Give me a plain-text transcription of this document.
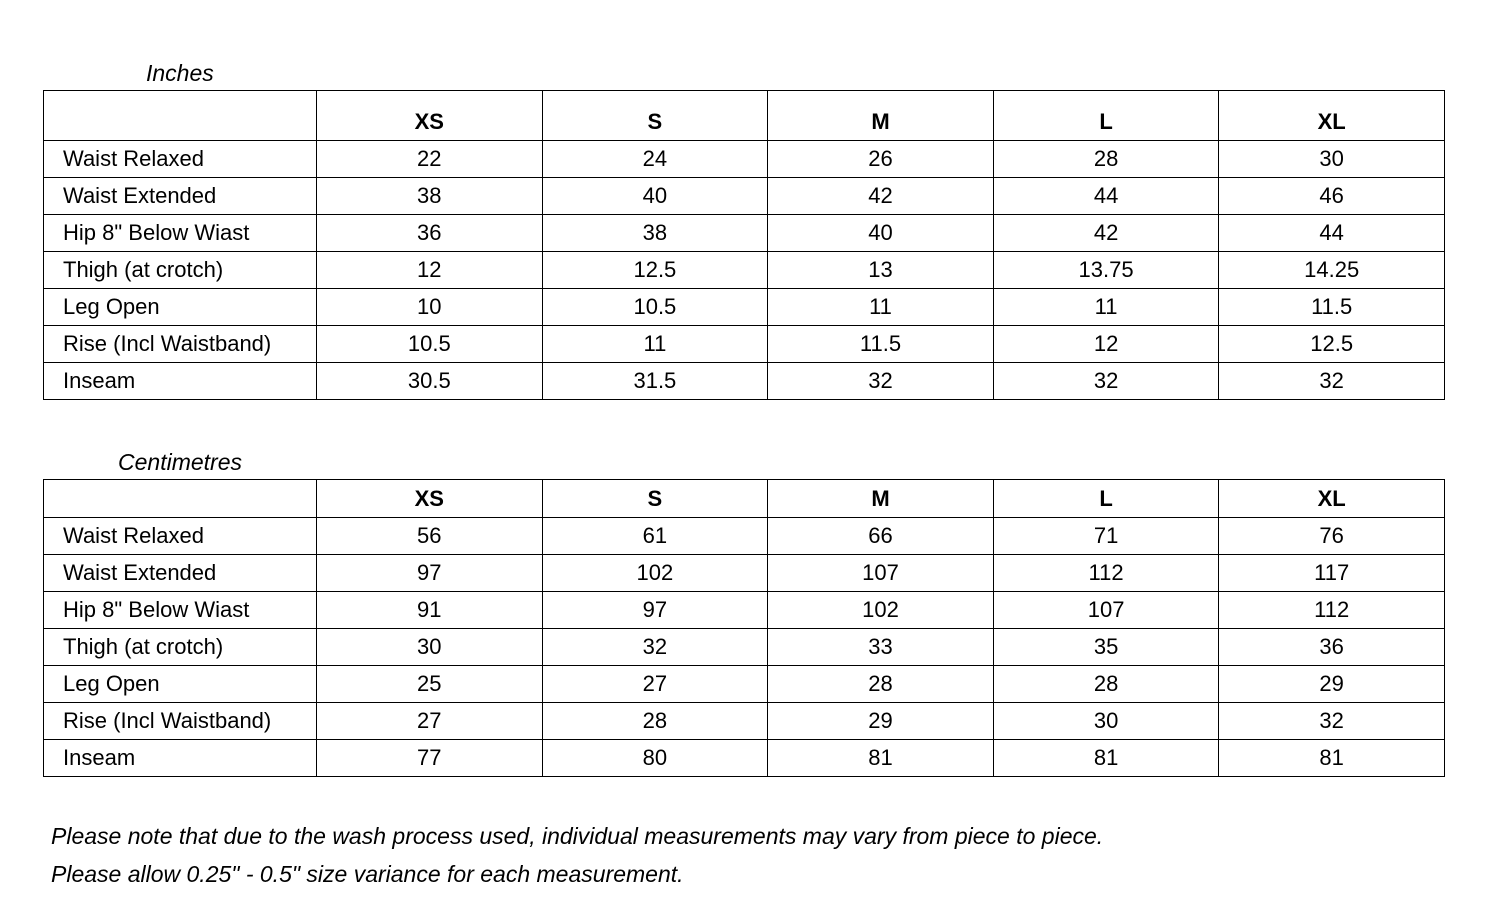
Inches
	XS	S	M	L	XL
Waist Relaxed	22	24	26	28	30
Waist Extended	38	40	42	44	46
Hip 8" Below Wiast	36	38	40	42	44
Thigh (at crotch)	12	12.5	13	13.75	14.25
Leg Open	10	10.5	11	11	11.5
Rise (Incl Waistband)	10.5	11	11.5	12	12.5
Inseam	30.5	31.5	32	32	32
Centimetres
	XS	S	M	L	XL
Waist Relaxed	56	61	66	71	76
Waist Extended	97	102	107	112	117
Hip 8" Below Wiast	91	97	102	107	112
Thigh (at crotch)	30	32	33	35	36
Leg Open	25	27	28	28	29
Rise (Incl Waistband)	27	28	29	30	32
Inseam	77	80	81	81	81
Please note that due to the wash process used, individual measurements may vary from piece to piece.
Please allow 0.25" - 0.5" size variance for each measurement.
